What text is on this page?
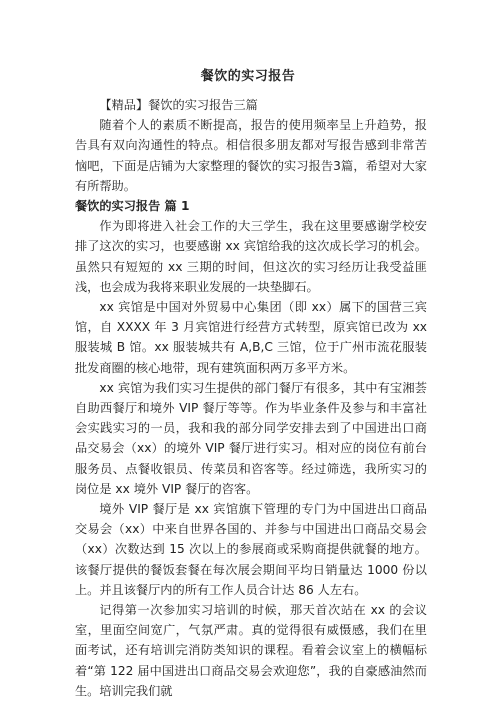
餐饮的实习报告

【精品】餐饮的实习报告三篇

随着个人的素质不断提高，报告的使用频率呈上升趋势，报告具有双向沟通性的特点。相信很多朋友都对写报告感到非常苦恼吧，下面是店铺为大家整理的餐饮的实习报告3篇，希望对大家有所帮助。

餐饮的实习报告 篇 1

作为即将进入社会工作的大三学生，我在这里要感谢学校安排了这次的实习，也要感谢 xx 宾馆给我的这次成长学习的机会。虽然只有短短的 xx 三期的时间，但这次的实习经历让我受益匪浅，也会成为我将来职业发展的一块垫脚石。

xx 宾馆是中国对外贸易中心集团（即 xx）属下的国营三宾馆，自 XXXX 年 3 月宾馆进行经营方式转型，原宾馆已改为 xx 服装城 B 馆。xx 服装城共有 A,B,C 三馆，位于广州市流花服装批发商圈的核心地带，现有建筑面积两万多平方米。

xx 宾馆为我们实习生提供的部门餐厅有很多，其中有宝湘荟自助西餐厅和境外 VIP 餐厅等等。作为毕业条件及参与和丰富社会实践实习的一员，我和我的部分同学安排去到了中国进出口商品交易会（xx）的境外 VIP 餐厅进行实习。相对应的岗位有前台服务员、点餐收银员、传菜员和咨客等。经过筛选，我所实习的岗位是 xx 境外 VIP 餐厅的咨客。

境外 VIP 餐厅是 xx 宾馆旗下管理的专门为中国进出口商品交易会（xx）中来自世界各国的、并参与中国进出口商品交易会（xx）次数达到 15 次以上的参展商或采购商提供就餐的地方。该餐厅提供的餐饭套餐在每次展会期间平均日销量达 1000 份以上。并且该餐厅内的所有工作人员合计达 86 人左右。

记得第一次参加实习培训的时候，那天首次站在 xx 的会议室，里面空间宽广，气氛严肃。真的觉得很有威慑感，我们在里面考试，还有培训完消防类知识的课程。看着会议室上的横幅标着“第 122 届中国进出口商品交易会欢迎您”，我的自豪感油然而生。培训完我们就
